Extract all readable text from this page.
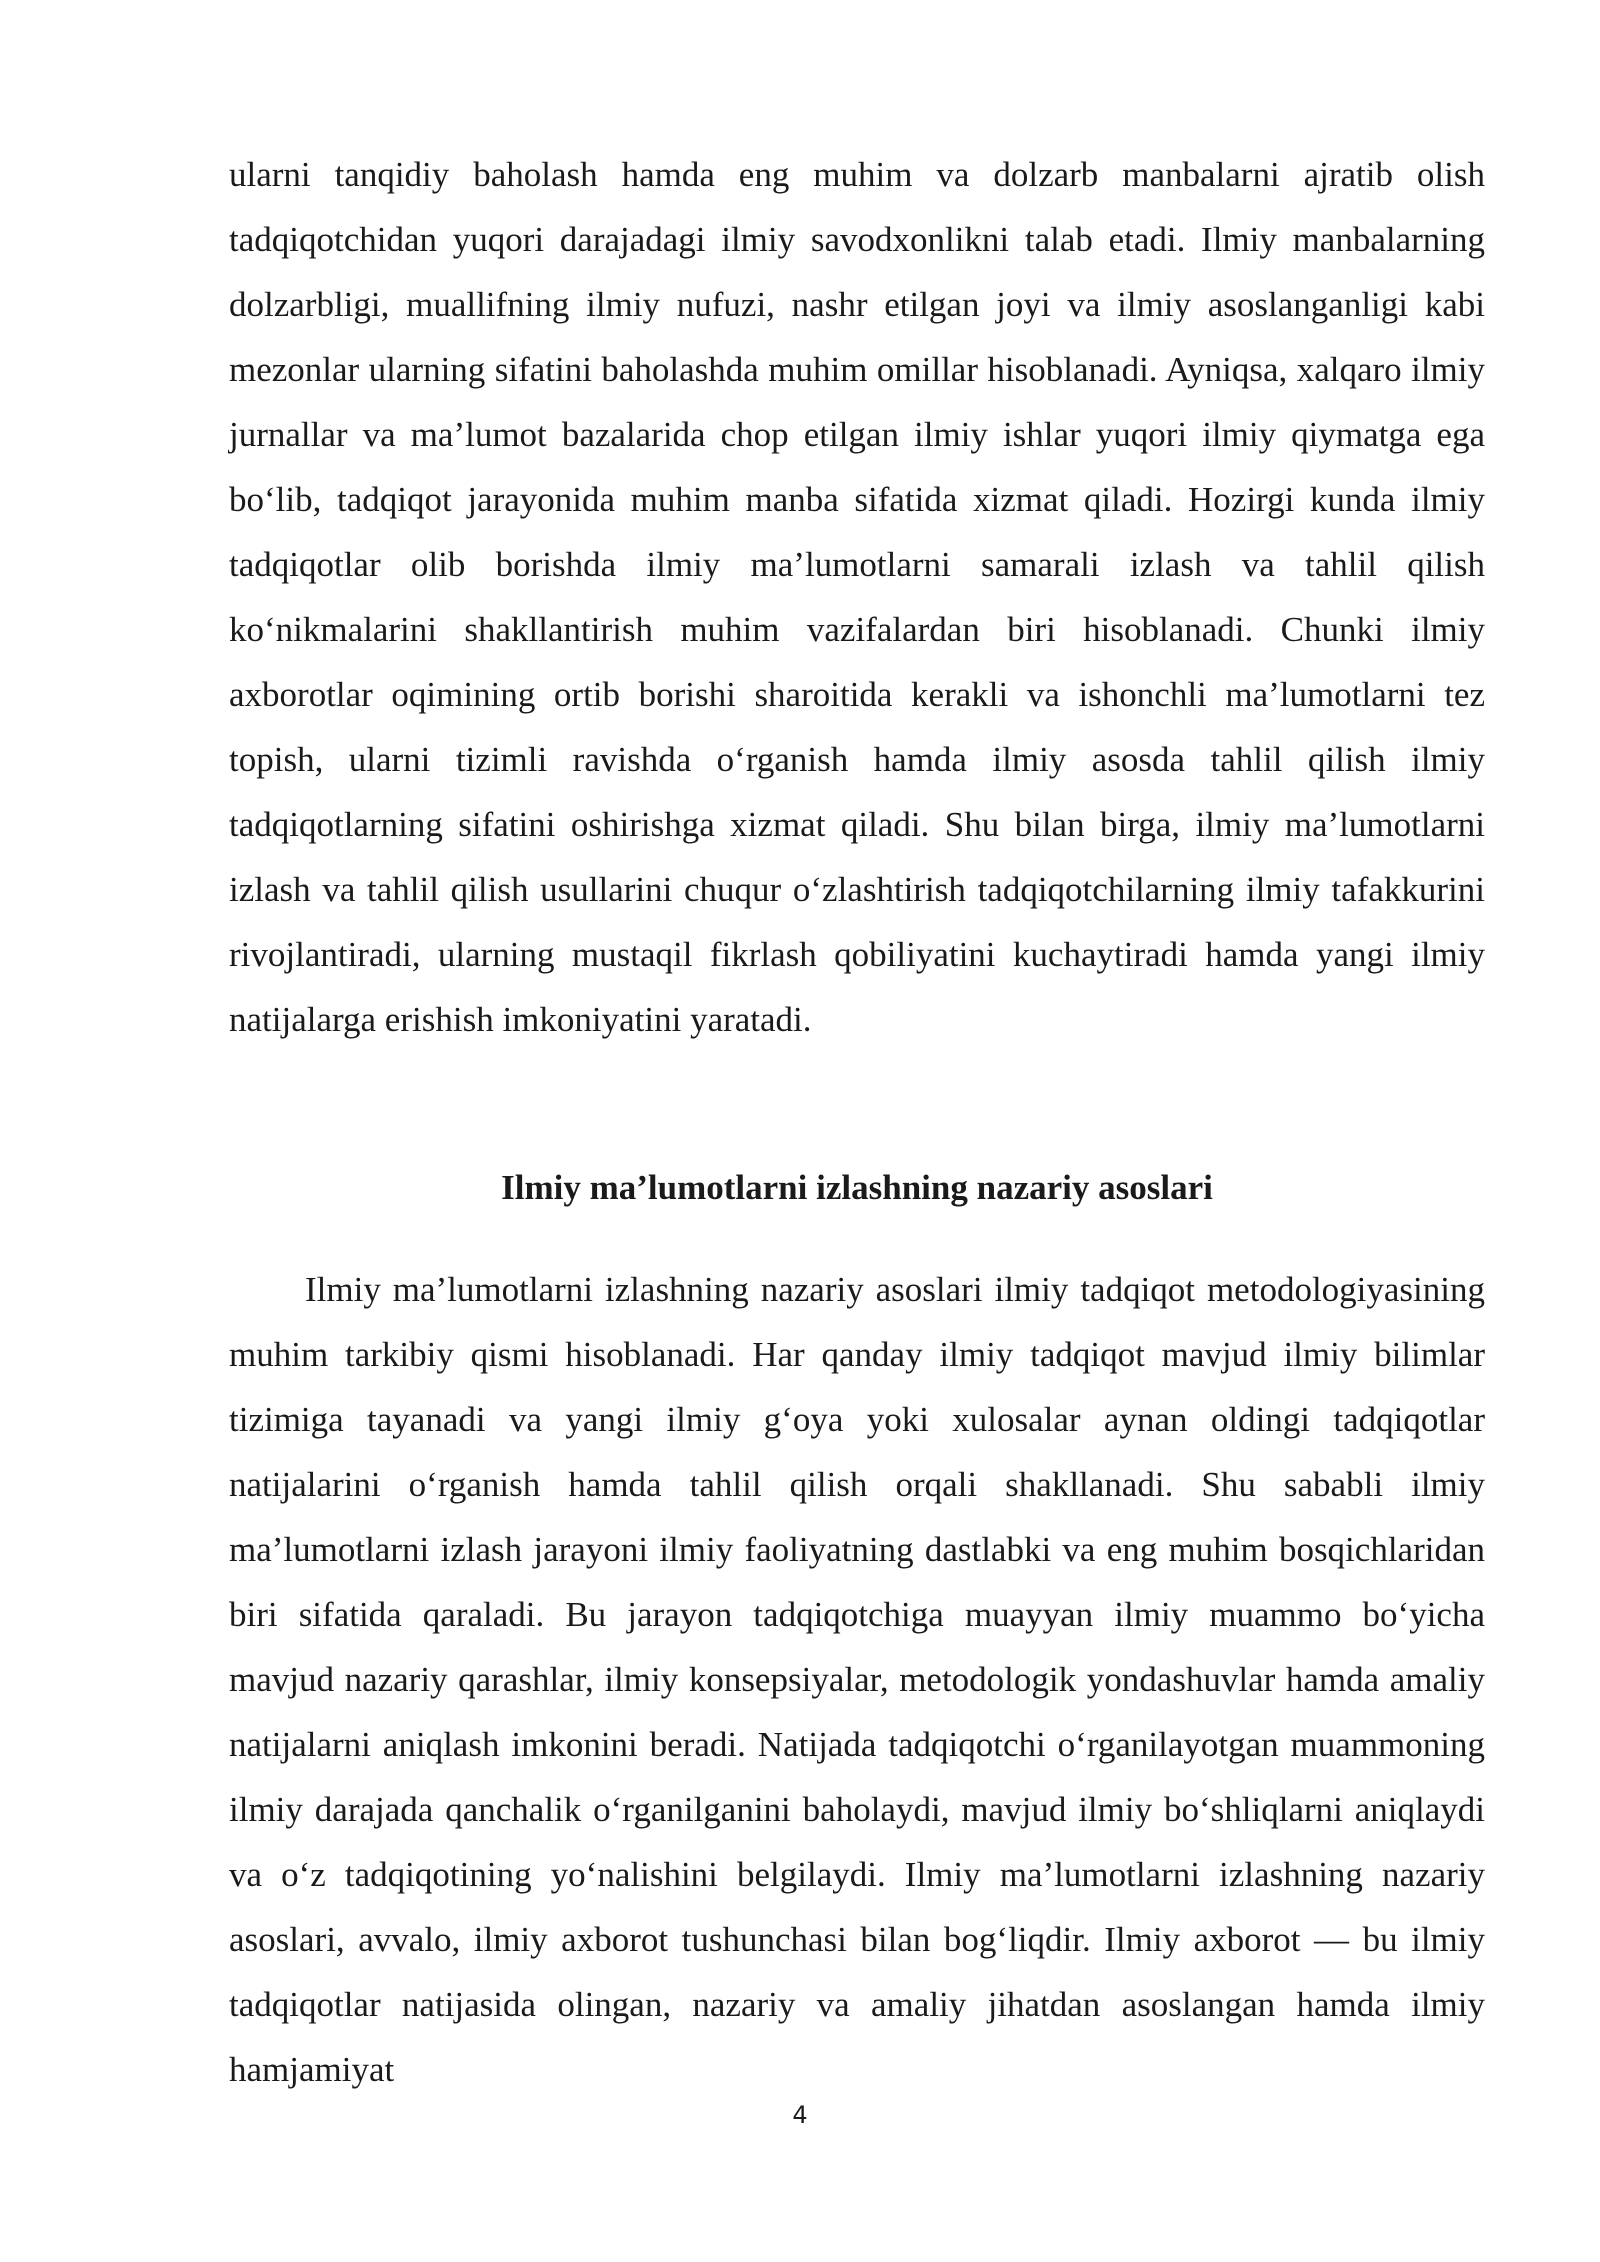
ularni tanqidiy baholash hamda eng muhim va dolzarb manbalarni ajratib olish tadqiqotchidan yuqori darajadagi ilmiy savodxonlikni talab etadi. Ilmiy manbalarning dolzarbligi, muallifning ilmiy nufuzi, nashr etilgan joyi va ilmiy asoslanganligi kabi mezonlar ularning sifatini baholashda muhim omillar hisoblanadi. Ayniqsa, xalqaro ilmiy jurnallar va ma’lumot bazalarida chop etilgan ilmiy ishlar yuqori ilmiy qiymatga ega bo‘lib, tadqiqot jarayonida muhim manba sifatida xizmat qiladi. Hozirgi kunda ilmiy tadqiqotlar olib borishda ilmiy ma’lumotlarni samarali izlash va tahlil qilish ko‘nikmalarini shakllantirish muhim vazifalardan biri hisoblanadi. Chunki ilmiy axborotlar oqimining ortib borishi sharoitida kerakli va ishonchli ma’lumotlarni tez topish, ularni tizimli ravishda o‘rganish hamda ilmiy asosda tahlil qilish ilmiy tadqiqotlarning sifatini oshirishga xizmat qiladi. Shu bilan birga, ilmiy ma’lumotlarni izlash va tahlil qilish usullarini chuqur o‘zlashtirish tadqiqotchilarning ilmiy tafakkurini rivojlantiradi, ularning mustaqil fikrlash qobiliyatini kuchaytiradi hamda yangi ilmiy natijalarga erishish imkoniyatini yaratadi.

Ilmiy ma’lumotlarni izlashning nazariy asoslari

Ilmiy ma’lumotlarni izlashning nazariy asoslari ilmiy tadqiqot metodologiyasining muhim tarkibiy qismi hisoblanadi. Har qanday ilmiy tadqiqot mavjud ilmiy bilimlar tizimiga tayanadi va yangi ilmiy g‘oya yoki xulosalar aynan oldingi tadqiqotlar natijalarini o‘rganish hamda tahlil qilish orqali shakllanadi. Shu sababli ilmiy ma’lumotlarni izlash jarayoni ilmiy faoliyatning dastlabki va eng muhim bosqichlaridan biri sifatida qaraladi. Bu jarayon tadqiqotchiga muayyan ilmiy muammo bo‘yicha mavjud nazariy qarashlar, ilmiy konsepsiyalar, metodologik yondashuvlar hamda amaliy natijalarni aniqlash imkonini beradi. Natijada tadqiqotchi o‘rganilayotgan muammoning ilmiy darajada qanchalik o‘rganilganini baholaydi, mavjud ilmiy bo‘shliqlarni aniqlaydi va o‘z tadqiqotining yo‘nalishini belgilaydi. Ilmiy ma’lumotlarni izlashning nazariy asoslari, avvalo, ilmiy axborot tushunchasi bilan bog‘liqdir. Ilmiy axborot — bu ilmiy tadqiqotlar natijasida olingan, nazariy va amaliy jihatdan asoslangan hamda ilmiy hamjamiyat

4
